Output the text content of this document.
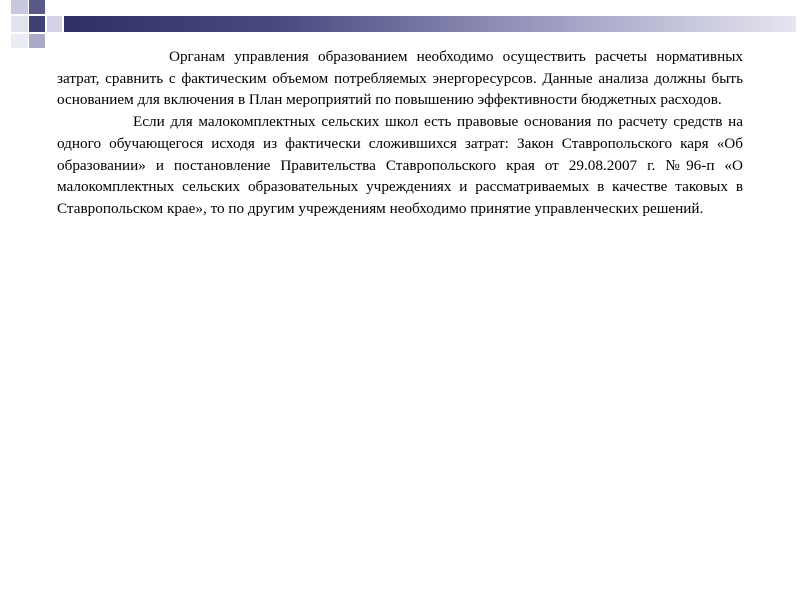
Органам управления образованием необходимо осуществить расчеты нормативных затрат, сравнить с фактическим объемом потребляемых энергоресурсов. Данные анализа должны быть основанием для включения в План мероприятий по повышению эффективности бюджетных расходов.

Если для малокомплектных сельских школ есть правовые основания по расчету средств на одного обучающегося исходя из фактически сложившихся затрат: Закон Ставропольского каря «Об образовании» и постановление Правительства Ставропольского края от 29.08.2007 г. №96-п «О малокомплектных сельских образовательных учреждениях и рассматриваемых в качестве таковых в Ставропольском крае», то по другим учреждениям необходимо принятие управленческих решений.
